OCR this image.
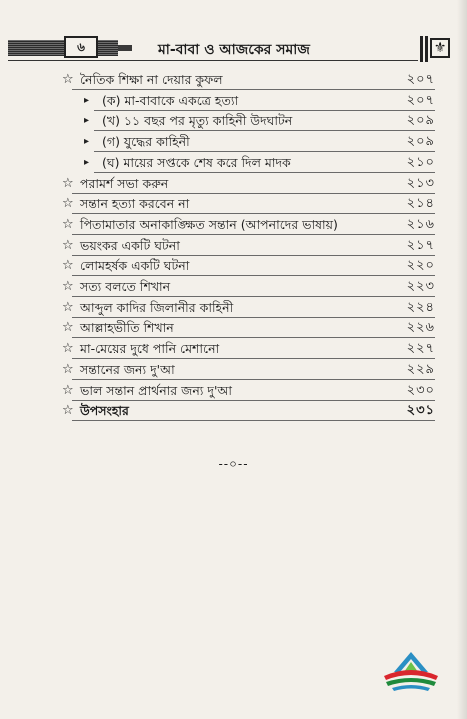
৬	মা-বাবা ও আজকের সমাজ	⚜
☆ নৈতিক শিক্ষা না দেয়ার কুফল	২০৭
▸ (ক) মা-বাবাকে একত্রে হত্যা	২০৭
▸ (খ) ১১ বছর পর মৃত্যু কাহিনী উদঘাটন	২০৯
▸ (গ) যুদ্ধের কাহিনী	২০৯
▸ (ঘ) মায়ের সপ্তকে শেষ করে দিল মাদক	২১০
☆ পরামর্শ সভা করুন	২১৩
☆ সন্তান হত্যা করবেন না	২১৪
☆ পিতামাতার অনাকাঙ্ক্ষিত সন্তান (আপনাদের ভাষায়)	২১৬
☆ ভয়ংকর একটি ঘটনা	২১৭
☆ লোমহর্ষক একটি ঘটনা	২২০
☆ সত্য বলতে শিখান	২২৩
☆ আব্দুল কাদির জিলানীর কাহিনী	২২৪
☆ আল্লাহভীতি শিখান	২২৬
☆ মা-মেয়ের দুধে পানি মেশানো	২২৭
☆ সন্তানের জন্য দু'আ	২২৯
☆ ভাল সন্তান প্রার্থনার জন্য দু'আ	২৩০
☆ উপসংহার	২৩১
--০--
